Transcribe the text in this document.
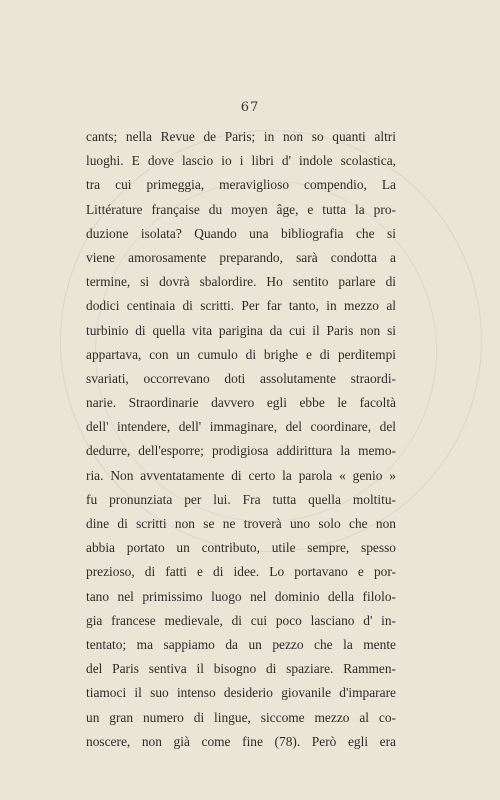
67
cants; nella Revue de Paris; in non so quanti altri
luoghi. E dove lascio io i libri d' indole scolastica,
tra cui primeggia, meraviglioso compendio, La
Littérature française du moyen âge, e tutta la pro-
duzione isolata? Quando una bibliografia che si
viene amorosamente preparando, sarà condotta a
termine, si dovrà sbalordire. Ho sentito parlare di
dodici centinaia di scritti. Per far tanto, in mezzo al
turbinio di quella vita parigina da cui il Paris non si
appartava, con un cumulo di brighe e di perditempi
svariati, occorrevano doti assolutamente straordi-
narie. Straordinarie davvero egli ebbe le facoltà
dell' intendere, dell' immaginare, del coordinare, del
dedurre, dell'esporre; prodigiosa addirittura la memo-
ria. Non avventatamente di certo la parola « genio »
fu pronunziata per lui. Fra tutta quella moltitu-
dine di scritti non se ne troverà uno solo che non
abbia portato un contributo, utile sempre, spesso
prezioso, di fatti e di idee. Lo portavano e por-
tano nel primissimo luogo nel dominio della filolo-
gia francese medievale, di cui poco lasciano d' in-
tentato; ma sappiamo da un pezzo che la mente
del Paris sentiva il bisogno di spaziare. Rammen-
tiamoci il suo intenso desiderio giovanile d'imparare
un gran numero di lingue, siccome mezzo al co-
noscere, non già come fine (78). Però egli era
